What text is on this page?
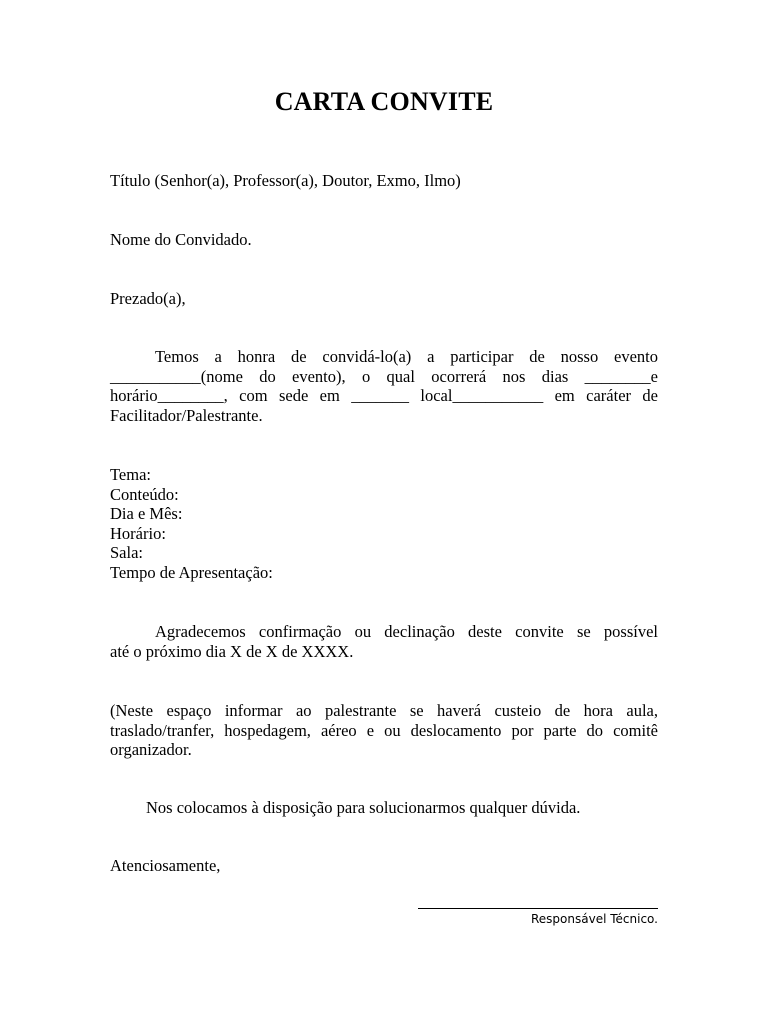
CARTA CONVITE
Título (Senhor(a), Professor(a), Doutor, Exmo, Ilmo)
Nome do Convidado.
Prezado(a),
Temos a honra de convidá-lo(a) a participar de nosso evento
___________(nome do evento), o qual ocorrerá nos dias ________e
horário________, com sede em _______ local___________ em caráter de
Facilitador/Palestrante.
Tema:
Conteúdo:
Dia e Mês:
Horário:
Sala:
Tempo de Apresentação:
Agradecemos confirmação ou declinação deste convite se possível
até o próximo dia X de X de XXXX.
(Neste espaço informar ao palestrante se haverá custeio de hora aula,
traslado/tranfer, hospedagem, aéreo e ou deslocamento por parte do comitê
organizador.
Nos colocamos à disposição para solucionarmos qualquer dúvida.
Atenciosamente,
Responsável Técnico.
